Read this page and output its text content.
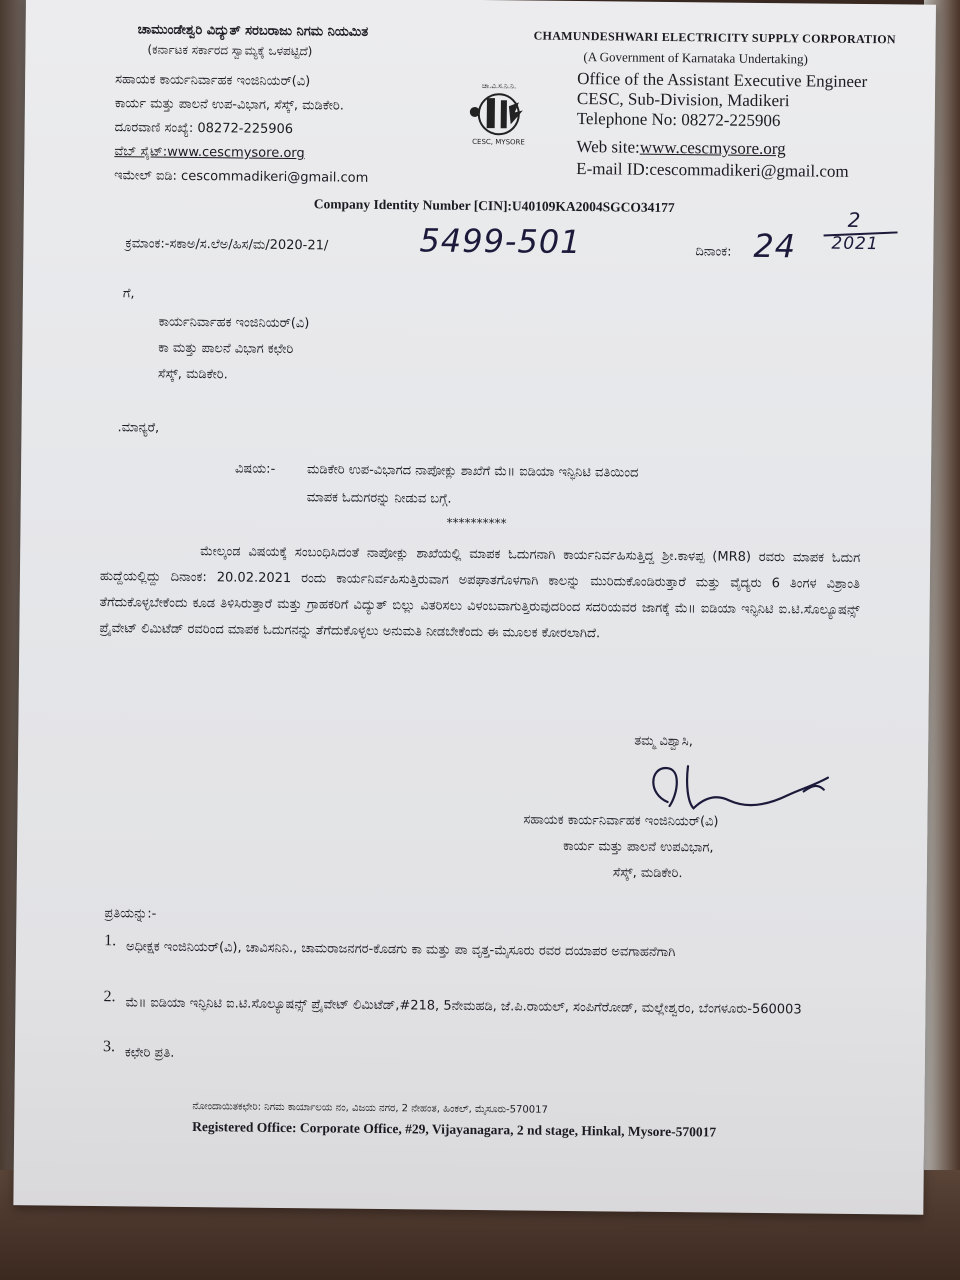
ಚಾಮುಂಡೇಶ್ವರಿ ವಿದ್ಯುತ್ ಸರಬರಾಜು ನಿಗಮ ನಿಯಮಿತ
(ಕರ್ನಾಟಕ ಸರ್ಕಾರದ ಸ್ವಾಮ್ಯಕ್ಕೆ ಒಳಪಟ್ಟಿದೆ)
ಸಹಾಯಕ ಕಾರ್ಯನಿರ್ವಾಹಕ ಇಂಜಿನಿಯರ್(ವಿ)
ಕಾರ್ಯ ಮತ್ತು ಪಾಲನೆ ಉಪ-ವಿಭಾಗ, ಸೆಸ್ಕ್, ಮಡಿಕೇರಿ.
ದೂರವಾಣಿ ಸಂಖ್ಯೆ: 08272-225906
ವೆಬ್ ಸೈಟ್:www.cescmysore.org
ಇಮೇಲ್ ಐಡಿ: cescommadikeri@gmail.com
ಚಾ.ವಿ.ಸ.ನಿ.ನಿ.
CESC, MYSORE
CHAMUNDESHWARI ELECTRICITY SUPPLY CORPORATION
(A Government of Karnataka Undertaking)
Office of the Assistant Executive Engineer
CESC, Sub-Division, Madikeri
Telephone No: 08272-225906
Web site:www.cescmysore.org
E-mail ID:cescommadikeri@gmail.com
Company Identity Number [CIN]:U40109KA2004SGCO34177
ಕ್ರಮಾಂಕ:-ಸಕಾಅ/ಸ.ಲೆಅ/ಹಿಸ/ಮ/2020-21/	5499-501	ದಿನಾಂಕ: 24
2
2021
ಗೆ,
ಕಾರ್ಯನಿರ್ವಾಹಕ ಇಂಜಿನಿಯರ್(ವಿ)
ಕಾ ಮತ್ತು ಪಾಲನೆ ವಿಭಾಗ ಕಛೇರಿ
ಸೆಸ್ಕ್, ಮಡಿಕೇರಿ.
.ಮಾನ್ಯರೆ,
ವಿಷಯ:- ಮಡಿಕೇರಿ ಉಪ-ವಿಭಾಗದ ನಾಪೋಕ್ಲು ಶಾಖೆಗೆ ಮೆ॥ ಐಡಿಯಾ ಇನ್ಫಿನಿಟಿ ವತಿಯಿಂದ
ಮಾಪಕ ಓದುಗರನ್ನು ನೀಡುವ ಬಗ್ಗೆ.
**********
ಮೇಲ್ಕಂಡ ವಿಷಯಕ್ಕೆ ಸಂಬಂಧಿಸಿದಂತೆ ನಾಪೋಕ್ಲು ಶಾಖೆಯಲ್ಲಿ ಮಾಪಕ ಓದುಗನಾಗಿ ಕಾರ್ಯನಿರ್ವಹಿಸುತ್ತಿದ್ದ ಶ್ರೀ.ಕಾಳಪ್ಪ (MR8) ರವರು ಮಾಪಕ ಓದುಗ ಹುದ್ದೆಯಲ್ಲಿದ್ದು ದಿನಾಂಕ: 20.02.2021 ರಂದು ಕಾರ್ಯನಿರ್ವಹಿಸುತ್ತಿರುವಾಗ ಅಪಘಾತಗೊಳಗಾಗಿ ಕಾಲನ್ನು ಮುರಿದುಕೊಂಡಿರುತ್ತಾರೆ ಮತ್ತು ವೈದ್ಯರು 6 ತಿಂಗಳ ವಿಶ್ರಾಂತಿ ತೆಗೆದುಕೊಳ್ಳಬೇಕೆಂದು ಕೂಡ ತಿಳಿಸಿರುತ್ತಾರೆ ಮತ್ತು ಗ್ರಾಹಕರಿಗೆ ವಿದ್ಯುತ್ ಬಿಲ್ಲು ವಿತರಿಸಲು ವಿಳಂಬವಾಗುತ್ತಿರುವುದರಿಂದ ಸದರಿಯವರ ಜಾಗಕ್ಕೆ ಮೆ॥ ಐಡಿಯಾ ಇನ್ಫಿನಿಟಿ ಐ.ಟಿ.ಸೊಲ್ಯೂಷನ್ಸ್ ಪ್ರೈವೇಟ್ ಲಿಮಿಟೆಡ್ ರವರಿಂದ ಮಾಪಕ ಓದುಗನನ್ನು ತೆಗೆದುಕೊಳ್ಳಲು ಅನುಮತಿ ನೀಡಬೇಕೆಂದು ಈ ಮೂಲಕ ಕೋರಲಾಗಿದೆ.
ತಮ್ಮ ವಿಶ್ವಾಸಿ,
ಸಹಾಯಕ ಕಾರ್ಯನಿರ್ವಾಹಕ ಇಂಜಿನಿಯರ್(ವಿ)
ಕಾರ್ಯ ಮತ್ತು ಪಾಲನೆ ಉಪವಿಭಾಗ,
ಸೆಸ್ಕ್, ಮಡಿಕೇರಿ.
ಪ್ರತಿಯನ್ನು:-
1. ಅಧೀಕ್ಷಕ ಇಂಜಿನಿಯರ್(ವಿ), ಚಾವಿಸನಿನಿ., ಚಾಮರಾಜನಗರ-ಕೊಡಗು ಕಾ ಮತ್ತು ಪಾ ವೃತ್ತ-ಮೈಸೂರು ರವರ ದಯಾಪರ ಅವಗಾಹನೆಗಾಗಿ
2. ಮೆ॥ ಐಡಿಯಾ ಇನ್ಫಿನಿಟಿ ಐ.ಟಿ.ಸೊಲ್ಯೂಷನ್ಸ್ ಪ್ರೈವೇಟ್ ಲಿಮಿಟೆಡ್,#218, 5ನೇಮಹಡಿ, ಜೆ.ಪಿ.ರಾಯಲ್, ಸಂಪಿಗೆರೋಡ್, ಮಲ್ಲೇಶ್ವರಂ, ಬೆಂಗಳೂರು-560003
3. ಕಛೇರಿ ಪ್ರತಿ.
ನೋಂದಾಯಿತಕಛೇರಿ: ನಿಗಮ ಕಾರ್ಯಾಲಯ ನಂ, ವಿಜಯ ನಗರ, 2 ನೇಹಂತ, ಹಿಂಕಲ್, ಮೈಸೂರು-570017
Registered Office: Corporate Office, #29, Vijayanagara, 2 nd stage, Hinkal, Mysore-570017
